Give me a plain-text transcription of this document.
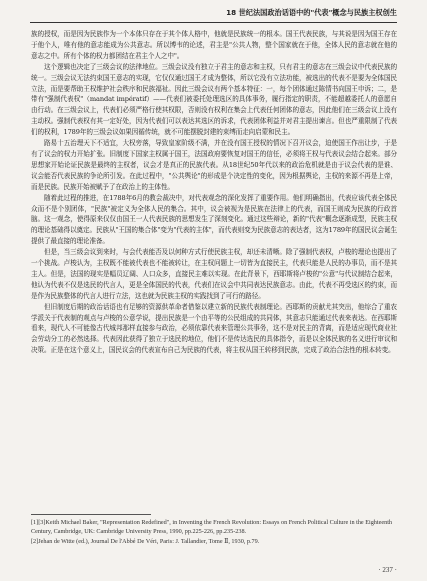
18 世纪法国政治话语中的"代表"概念与民族主权创生

族的授权，而是因为民族作为一个本体只存在于其个体人格中，他就是民族统一的根本。国王代表民族，与其说是因为国王存在于他个人，唯有他的意志能成为公共意志。所以博韦的论述，君主是"公共人物，整个国家就在于他，全体人民的意志就在他的意志之中。所有个体的权力都团结在君主个人之中"。

这个逻辑也决定了三级会议的法律地位。三级会议没有独立于君主的意志和主权，只有君主的意志在三级会议中代表民族的统一。三级会议无法约束国王意志的实现，它仅仅通过国王才成为整体，所以它没有立法功能，被选出的代表不是要为全体国民立法，而是要帮助王权维护社会秩序和民族福祉。因此三级会议有两个基本特征：一，每个团体通过陈情书向国王申诉；二，是带有"强制代表权"（mandat impératif）——代表们被委托处理选区的具体事务，履行指定的职责，不能超越委托人的意愿自由行动。在三级会议上，代表们必须严格行使其权限，否则没有权利在集会上代表任何团体的意志，因此他们在三级会议上没有主动权。强制代表权有其一定好处，因为代表们可以表达其选区的诉求，代表团体利益并对君主提出谏言。但也严重限制了代表们的权利，1789年的三级会议如果因循传统，就不可能摆脱封建的束缚而走向启蒙和民主。

路易十五治理天下不适宜，大权旁落，导致皇家阶级不满，并在没有国王授权的情况下召开议会，迫使国王作出让步，于是有了议会的权力开始扩张。旧制度下国家主权属于国王，法国政府要恢复对国王的信任，必须将王权与代表议会结合起来。部分思想家开始论证民族是最终的主权者，议会才是真正的民族代表。从18世纪50年代以来的政治危机就是由于议会代表的是谁、议会能否代表民族的争论所引发。在此过程中，"公共舆论"的形成是个决定性的变化，因为根据舆论，主权的来源不再是上帝，而是民族。民族开始被赋予了在政治上的主体性。

随着此过程的推进，在1788年6月的教会裁决中，对代表观念的深化发挥了重要作用。他们明确指出，代表应该代表全体民众而不是个别团体，"民族"被定义为全体人民的集合。其中，议会被视为是民族在法律上的代表，而国王则成为民族的行政首脑。这一观念，使得原来仅仅由国王一人代表民族的思想发生了深刻变化。通过这些辩论，新的"代表"概念逐渐成型，民族主权的理论基础得以奠定。民族从"王国的集合体"变为"代表的主体"，而代表则变为民族意志的表达者，这为1789年的国民议会诞生提供了最直接的理论准备。

但是，当三级会议到来时，与会代表能否及以何种方式行使民族主权，却还未清晰。除了强制代表权，卢梭的理论也提出了一个挑战。卢梭认为，主权既不能被代表也不能被转让，在主权问题上一切皆为直接民主，代表只能是人民的办事员，而不是其主人。但是，法国的现实是幅员辽阔、人口众多，直接民主难以实现。在此背景下，西耶斯将卢梭的"公意"与代议制结合起来，他认为代表不仅是选民的代言人，更是全体国民的代表，代表们在议会中共同表达民族意志。由此，代表不再受选区的约束，而是作为民族整体的代言人进行立法，这也就为民族主权的实践找到了可行的路径。

但旧制度后期的政治话语也有足够的资源供革命者借鉴以建立新的民族代表制理论。西耶斯的贡献尤其突出，他综合了重农学派关于代表制的观点与卢梭的公意学说，提出民族是一个由平等的公民组成的共同体，其意志只能通过代表来表达。在西耶斯看来，现代人不可能像古代城邦那样直接参与政治，必须依靠代表来管理公共事务，这不是对民主的背离，而是适应现代商业社会劳动分工的必然选择。代表因此获得了独立于选民的地位，他们不是传达选民的具体指令，而是以全体民族的名义进行审议和决策。正是在这个意义上，国民议会的代表宣布自己为民族的代表，将主权从国王转移到民族，完成了政治合法性的根本转变。

[1][3]Keith Michael Baker, "Representation Redefined", in Inventing the French Revolution: Essays on French Political Culture in the Eighteenth Century, Cambridge, UK: Cambridge University Press, 1990, pp.225-226, pp.235-238.

[2]Jehan de Witte (ed.), Journal De l'Abbé De Véri, Paris: J. Tallandier, Tome Ⅱ, 1930, p.79.

· 237 ·
